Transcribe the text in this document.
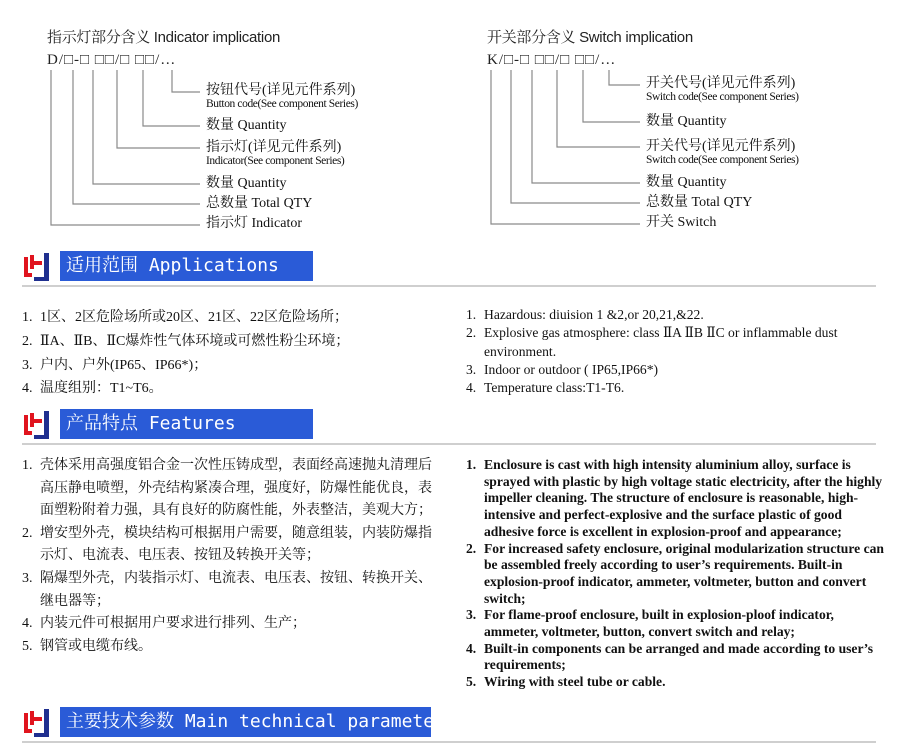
指示灯部分含义 Indicator implication
D/□-□ □□/□ □□/…
按钮代号(详见元件系列)
Button code(See component Series)
数量 Quantity
指示灯(详见元件系列)
Indicator(See component Series)
数量 Quantity
总数量 Total QTY
指示灯 Indicator
开关部分含义 Switch implication
K/□-□ □□/□ □□/…
开关代号(详见元件系列)
Switch code(See component Series)
数量 Quantity
开关代号(详见元件系列)
Switch code(See component Series)
数量 Quantity
总数量 Total QTY
开关 Switch
适用范围 Applications
1. 1区、2区危险场所或20区、21区、22区危险场所；
2. ⅡA、ⅡB、ⅡC爆炸性气体环境或可燃性粉尘环境；
3. 户内、户外(IP65、IP66*)；
4. 温度组别：T1~T6。
1. Hazardous: diuision 1 &2,or 20,21,&22.
2. Explosive gas atmosphere: class ⅡA ⅡB ⅡC or inflammable dust environment.
3. Indoor or outdoor ( IP65,IP66*)
4. Temperature class:T1-T6.
产品特点 Features
1. 壳体采用高强度铝合金一次性压铸成型，表面经高速抛丸清理后高压静电喷塑，外壳结构紧凑合理，强度好，防爆性能优良，表面塑粉附着力强，具有良好的防腐性能，外表整洁，美观大方；
2. 增安型外壳，模块结构可根据用户需要，随意组装，内装防爆指示灯、电流表、电压表、按钮及转换开关等；
3. 隔爆型外壳，内装指示灯、电流表、电压表、按钮、转换开关、 继电器等；
4. 内装元件可根据用户要求进行排列、生产；
5. 钢管或电缆布线。
1. Enclosure is cast with high intensity aluminium alloy, surface is sprayed with plastic by high voltage static electricity, after the highly impeller cleaning. The structure of enclosure is reasonable, high-intensive and perfect-explosive and the surface plastic of good adhesive force is excellent in explosion-proof and appearance;
2. For increased safety enclosure, original modularization structure can be assembled freely according to user’s requirements. Built-in explosion-proof indicator, ammeter, voltmeter, button and convert switch;
3. For flame-proof enclosure, built in explosion-ploof indicator, ammeter, voltmeter, button, convert switch and relay;
4. Built-in components can be arranged and made according to user’s requirements;
5. Wiring with steel tube or cable.
主要技术参数 Main technical parameters
